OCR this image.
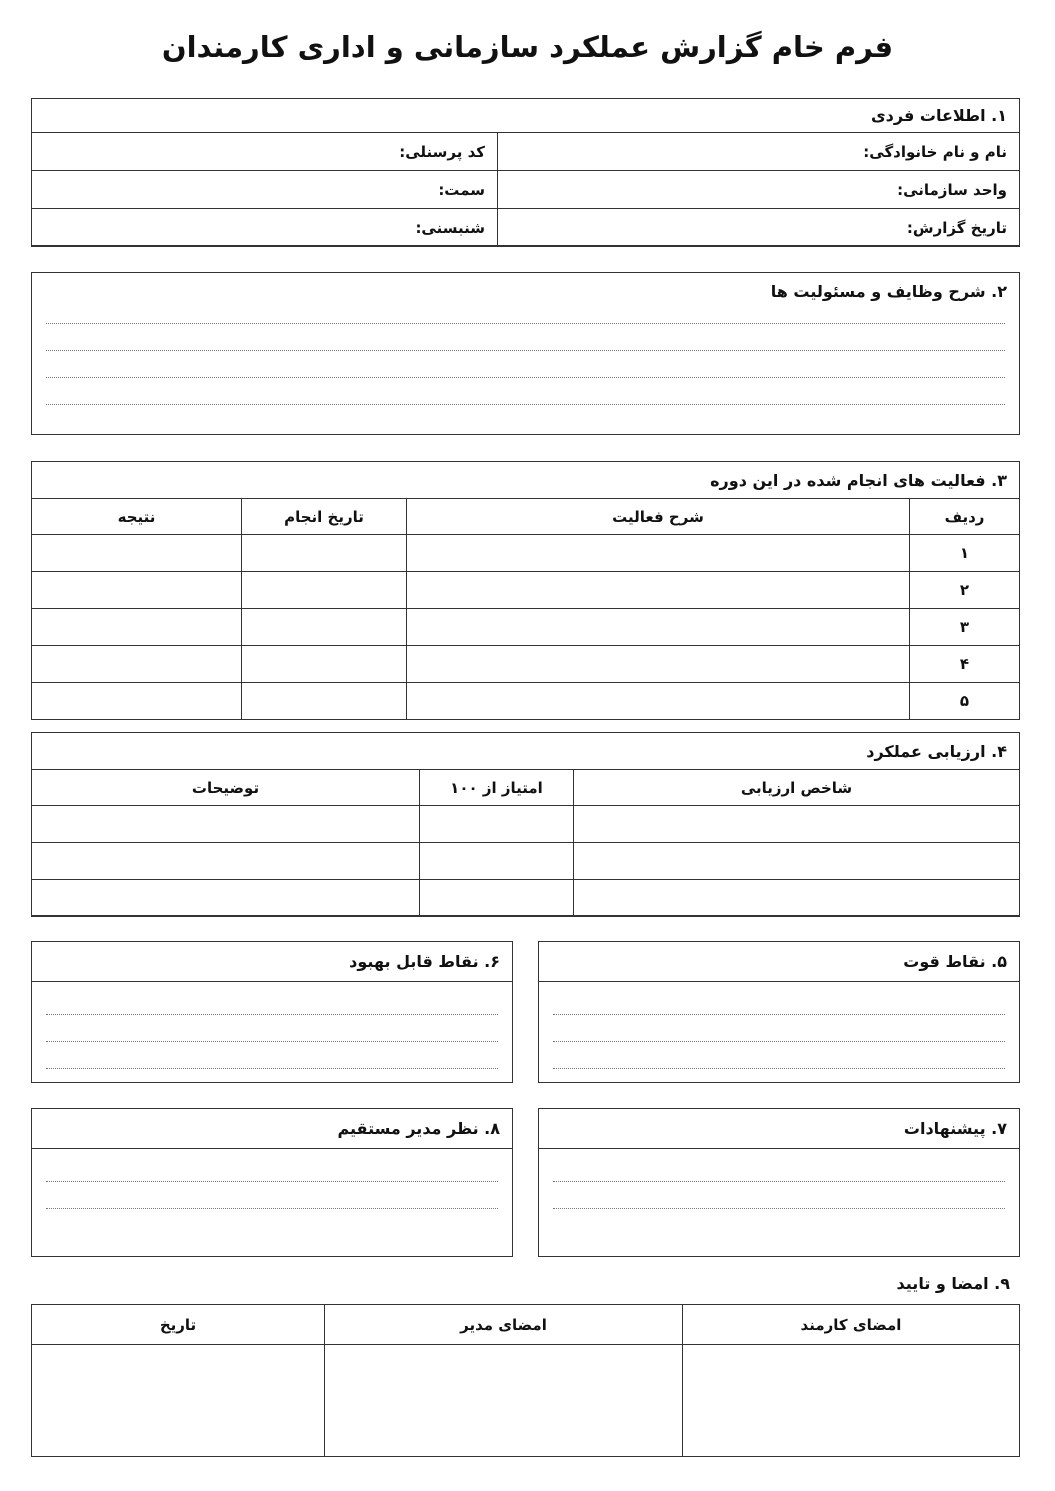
فرم خام گزارش عملکرد سازمانی و اداری کارمندان
۱. اطلاعات فردی
نام و نام خانوادگی:	کد پرسنلی:
واحد سازمانی:	سمت:
تاریخ گزارش:	شنبسنی:
۲. شرح وظایف و مسئولیت ها
۳. فعالیت های انجام شده در این دوره
ردیف	شرح فعالیت	تاریخ انجام	نتیجه
۱			
۲			
۳			
۴			
۵			
۴. ارزیابی عملکرد
شاخص ارزیابی	امتیاز از ۱۰۰	توضیحات

۵. نقاط قوت
۶. نقاط قابل بهبود
۷. پیشنهادات
۸. نظر مدیر مستقیم
۹. امضا و تایید
امضای کارمند	امضای مدیر	تاریخ
